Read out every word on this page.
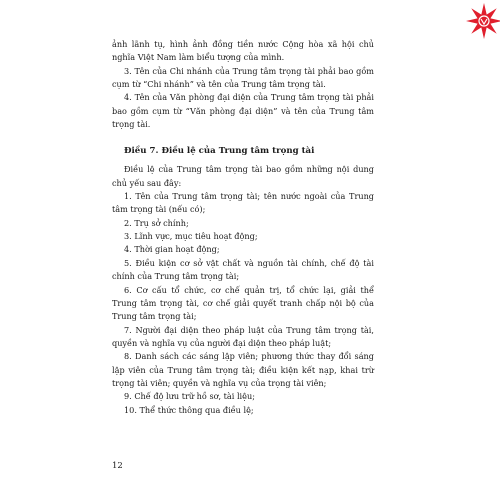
ảnh lãnh tụ, hình ảnh đồng tiền nước Cộng hòa xã hội chủ nghĩa Việt Nam làm biểu tượng của mình.

3. Tên của Chi nhánh của Trung tâm trọng tài phải bao gồm cụm từ “Chi nhánh” và tên của Trung tâm trọng tài.

4. Tên của Văn phòng đại diện của Trung tâm trọng tài phải bao gồm cụm từ “Văn phòng đại diện” và tên của Trung tâm trọng tài.

Điều 7. Điều lệ của Trung tâm trọng tài

Điều lệ của Trung tâm trọng tài bao gồm những nội dung chủ yếu sau đây:

1. Tên của Trung tâm trọng tài; tên nước ngoài của Trung tâm trọng tài (nếu có);

2. Trụ sở chính;

3. Lĩnh vực, mục tiêu hoạt động;

4. Thời gian hoạt động;

5. Điều kiện cơ sở vật chất và nguồn tài chính, chế độ tài chính của Trung tâm trọng tài;

6. Cơ cấu tổ chức, cơ chế quản trị, tổ chức lại, giải thể Trung tâm trọng tài, cơ chế giải quyết tranh chấp nội bộ của Trung tâm trọng tài;

7. Người đại diện theo pháp luật của Trung tâm trọng tài, quyền và nghĩa vụ của người đại diện theo pháp luật;

8. Danh sách các sáng lập viên; phương thức thay đổi sáng lập viên của Trung tâm trọng tài; điều kiện kết nạp, khai trừ trọng tài viên; quyền và nghĩa vụ của trọng tài viên;

9. Chế độ lưu trữ hồ sơ, tài liệu;

10. Thể thức thông qua điều lệ;

12
